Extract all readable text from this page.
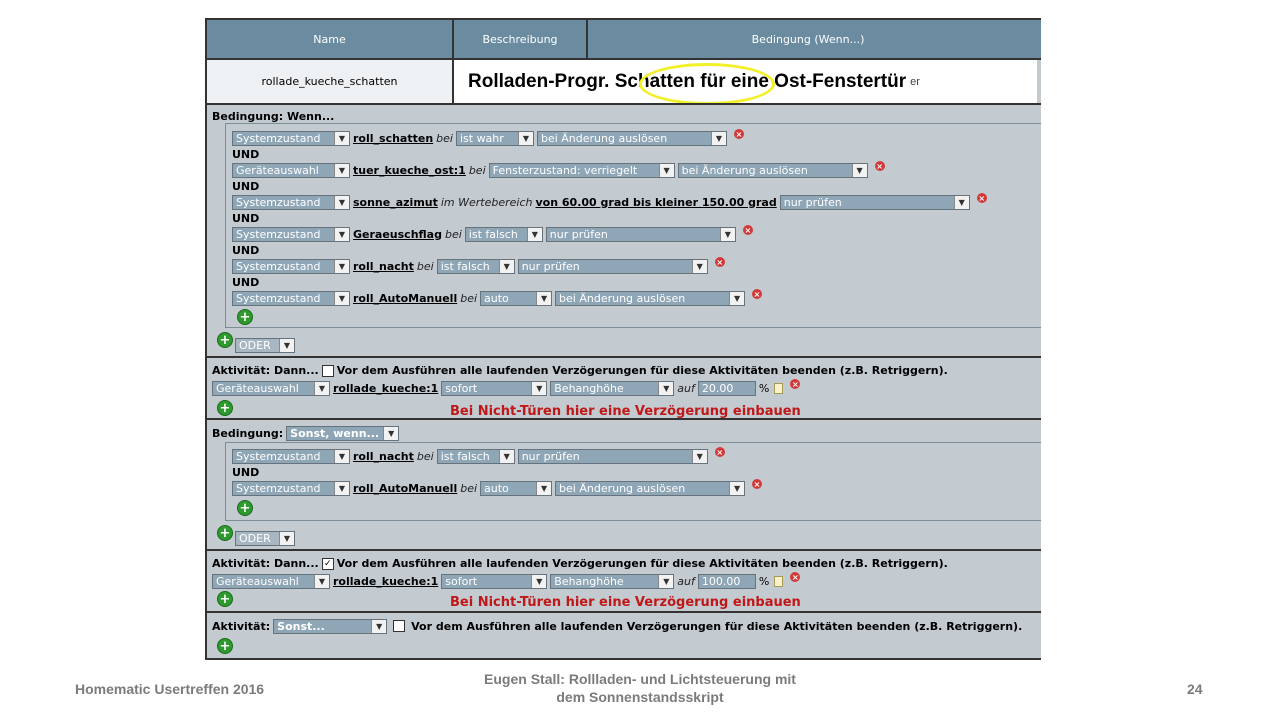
Name	Beschreibung	Bedingung (Wenn...)
rollade_kueche_schatten	Rolladen-Progr. Schatten für eine Ost-Fenstertür er
Bedingung: Wenn...
Systemzustand	▼ roll_schatten bei ist wahr	▼	bei Änderung auslösen	▼	×
UND
Geräteauswahl	▼ tuer_kueche_ost:1 bei Fensterzustand: verriegelt	▼	bei Änderung auslösen	▼	×
UND
Systemzustand	▼ sonne_azimut im Wertebereich von 60.00 grad bis kleiner 150.00 grad nur prüfen	▼	×
UND
Systemzustand	▼ Geraeuschflag bei ist falsch	▼	nur prüfen	▼	×
UND
Systemzustand	▼ roll_nacht bei ist falsch	▼	nur prüfen	▼	×
UND
Systemzustand	▼ roll_AutoManuell bei auto	▼	bei Änderung auslösen	▼	×
+
+ ODER	▼
Aktivität: Dann... Vor dem Ausführen alle laufenden Verzögerungen für diese Aktivitäten beenden (z.B. Retriggern).
Geräteauswahl	▼ rollade_kueche:1 sofort	▼	Behanghöhe	▼ auf 20.00	%	×
+	Bei Nicht-Türen hier eine Verzögerung einbauen
Bedingung: Sonst, wenn...	▼
Systemzustand	▼ roll_nacht bei ist falsch	▼	nur prüfen	▼	×
UND
Systemzustand	▼ roll_AutoManuell bei auto	▼	bei Änderung auslösen	▼	×
+
+ ODER	▼
Aktivität: Dann... ✓ Vor dem Ausführen alle laufenden Verzögerungen für diese Aktivitäten beenden (z.B. Retriggern).
Geräteauswahl	▼ rollade_kueche:1 sofort	▼	Behanghöhe	▼ auf 100.00	%	×
+	Bei Nicht-Türen hier eine Verzögerung einbauen
Aktivität: Sonst...	▼	Vor dem Ausführen alle laufenden Verzögerungen für diese Aktivitäten beenden (z.B. Retriggern).
+
Homematic Usertreffen 2016
Eugen Stall: Rollladen- und Lichtsteuerung mit
dem Sonnenstandsskript	24
